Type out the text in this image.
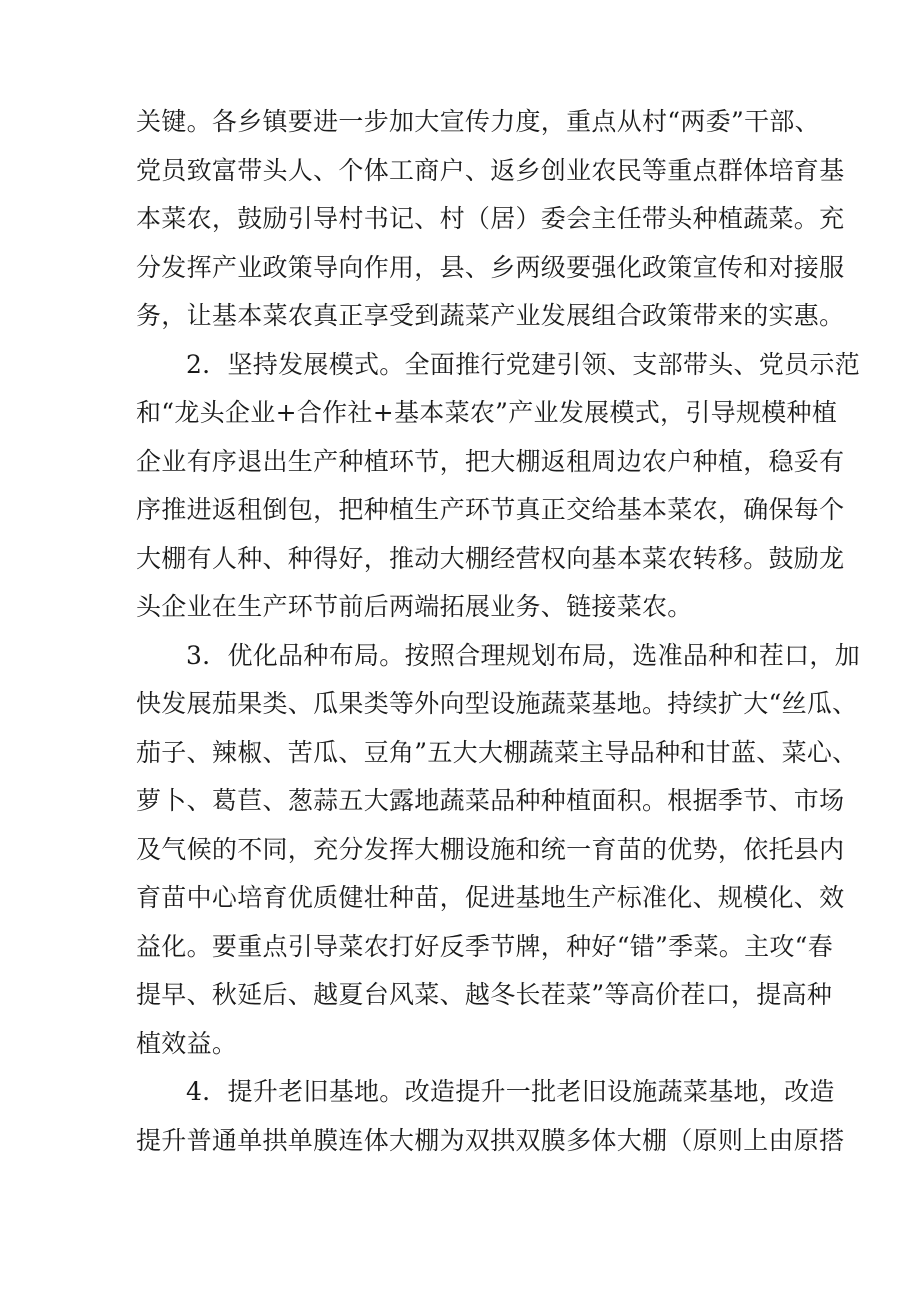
关键。各乡镇要进一步加大宣传力度，重点从村“两委”干部、
党员致富带头人、个体工商户、返乡创业农民等重点群体培育基
本菜农，鼓励引导村书记、村（居）委会主任带头种植蔬菜。充
分发挥产业政策导向作用，县、乡两级要强化政策宣传和对接服
务，让基本菜农真正享受到蔬菜产业发展组合政策带来的实惠。
2．坚持发展模式。全面推行党建引领、支部带头、党员示范
和“龙头企业+合作社+基本菜农”产业发展模式，引导规模种植
企业有序退出生产种植环节，把大棚返租周边农户种植，稳妥有
序推进返租倒包，把种植生产环节真正交给基本菜农，确保每个
大棚有人种、种得好，推动大棚经营权向基本菜农转移。鼓励龙
头企业在生产环节前后两端拓展业务、链接菜农。
3．优化品种布局。按照合理规划布局，选准品种和茬口，加
快发展茄果类、瓜果类等外向型设施蔬菜基地。持续扩大“丝瓜、
茄子、辣椒、苦瓜、豆角”五大大棚蔬菜主导品种和甘蓝、菜心、
萝卜、葛苣、葱蒜五大露地蔬菜品种种植面积。根据季节、市场
及气候的不同，充分发挥大棚设施和统一育苗的优势，依托县内
育苗中心培育优质健壮种苗，促进基地生产标准化、规模化、效
益化。要重点引导菜农打好反季节牌，种好“错”季菜。主攻“春
提早、秋延后、越夏台风菜、越冬长茬菜”等高价茬口，提高种
植效益。
4．提升老旧基地。改造提升一批老旧设施蔬菜基地，改造
提升普通单拱单膜连体大棚为双拱双膜多体大棚（原则上由原搭
